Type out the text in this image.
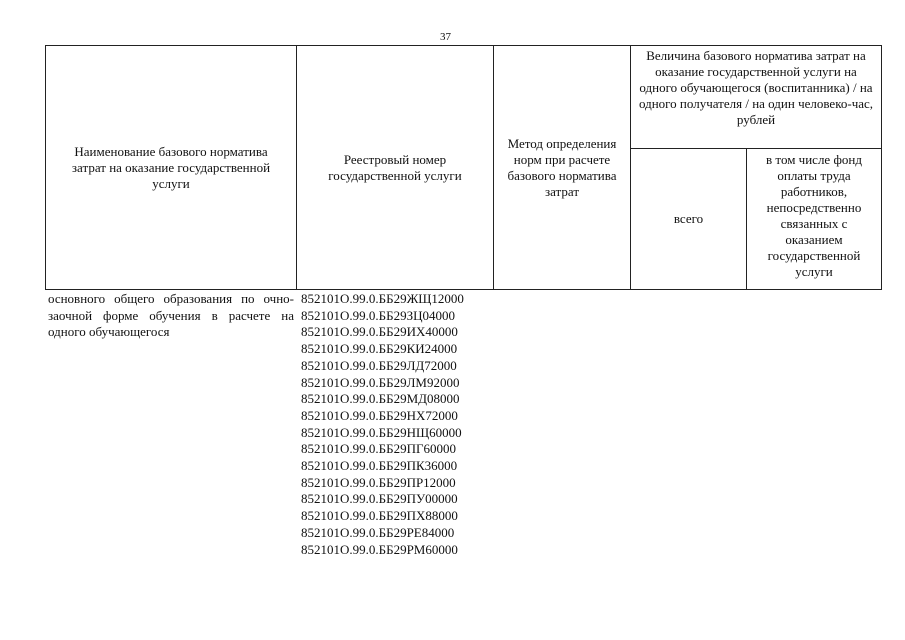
37
Наименование базового норматива затрат на оказание государственной услуги
Реестровый номер государственной услуги
Метод определения норм при расчете базового норматива затрат
Величина базового норматива затрат на оказание государственной услуги на одного обучающегося (воспитанника) / на одного получателя / на один человеко-час, рублей
всего
в том числе фонд оплаты труда работников, непосредственно связанных с оказанием государственной услуги
основного общего образования по очно-заочной форме обучения в расчете на одного обучающегося
852101О.99.0.ББ29ЖЩ12000
852101О.99.0.ББ29ЗЦ04000
852101О.99.0.ББ29ИХ40000
852101О.99.0.ББ29КИ24000
852101О.99.0.ББ29ЛД72000
852101О.99.0.ББ29ЛМ92000
852101О.99.0.ББ29МД08000
852101О.99.0.ББ29НХ72000
852101О.99.0.ББ29НЩ60000
852101О.99.0.ББ29ПГ60000
852101О.99.0.ББ29ПК36000
852101О.99.0.ББ29ПР12000
852101О.99.0.ББ29ПУ00000
852101О.99.0.ББ29ПХ88000
852101О.99.0.ББ29РЕ84000
852101О.99.0.ББ29РМ60000
